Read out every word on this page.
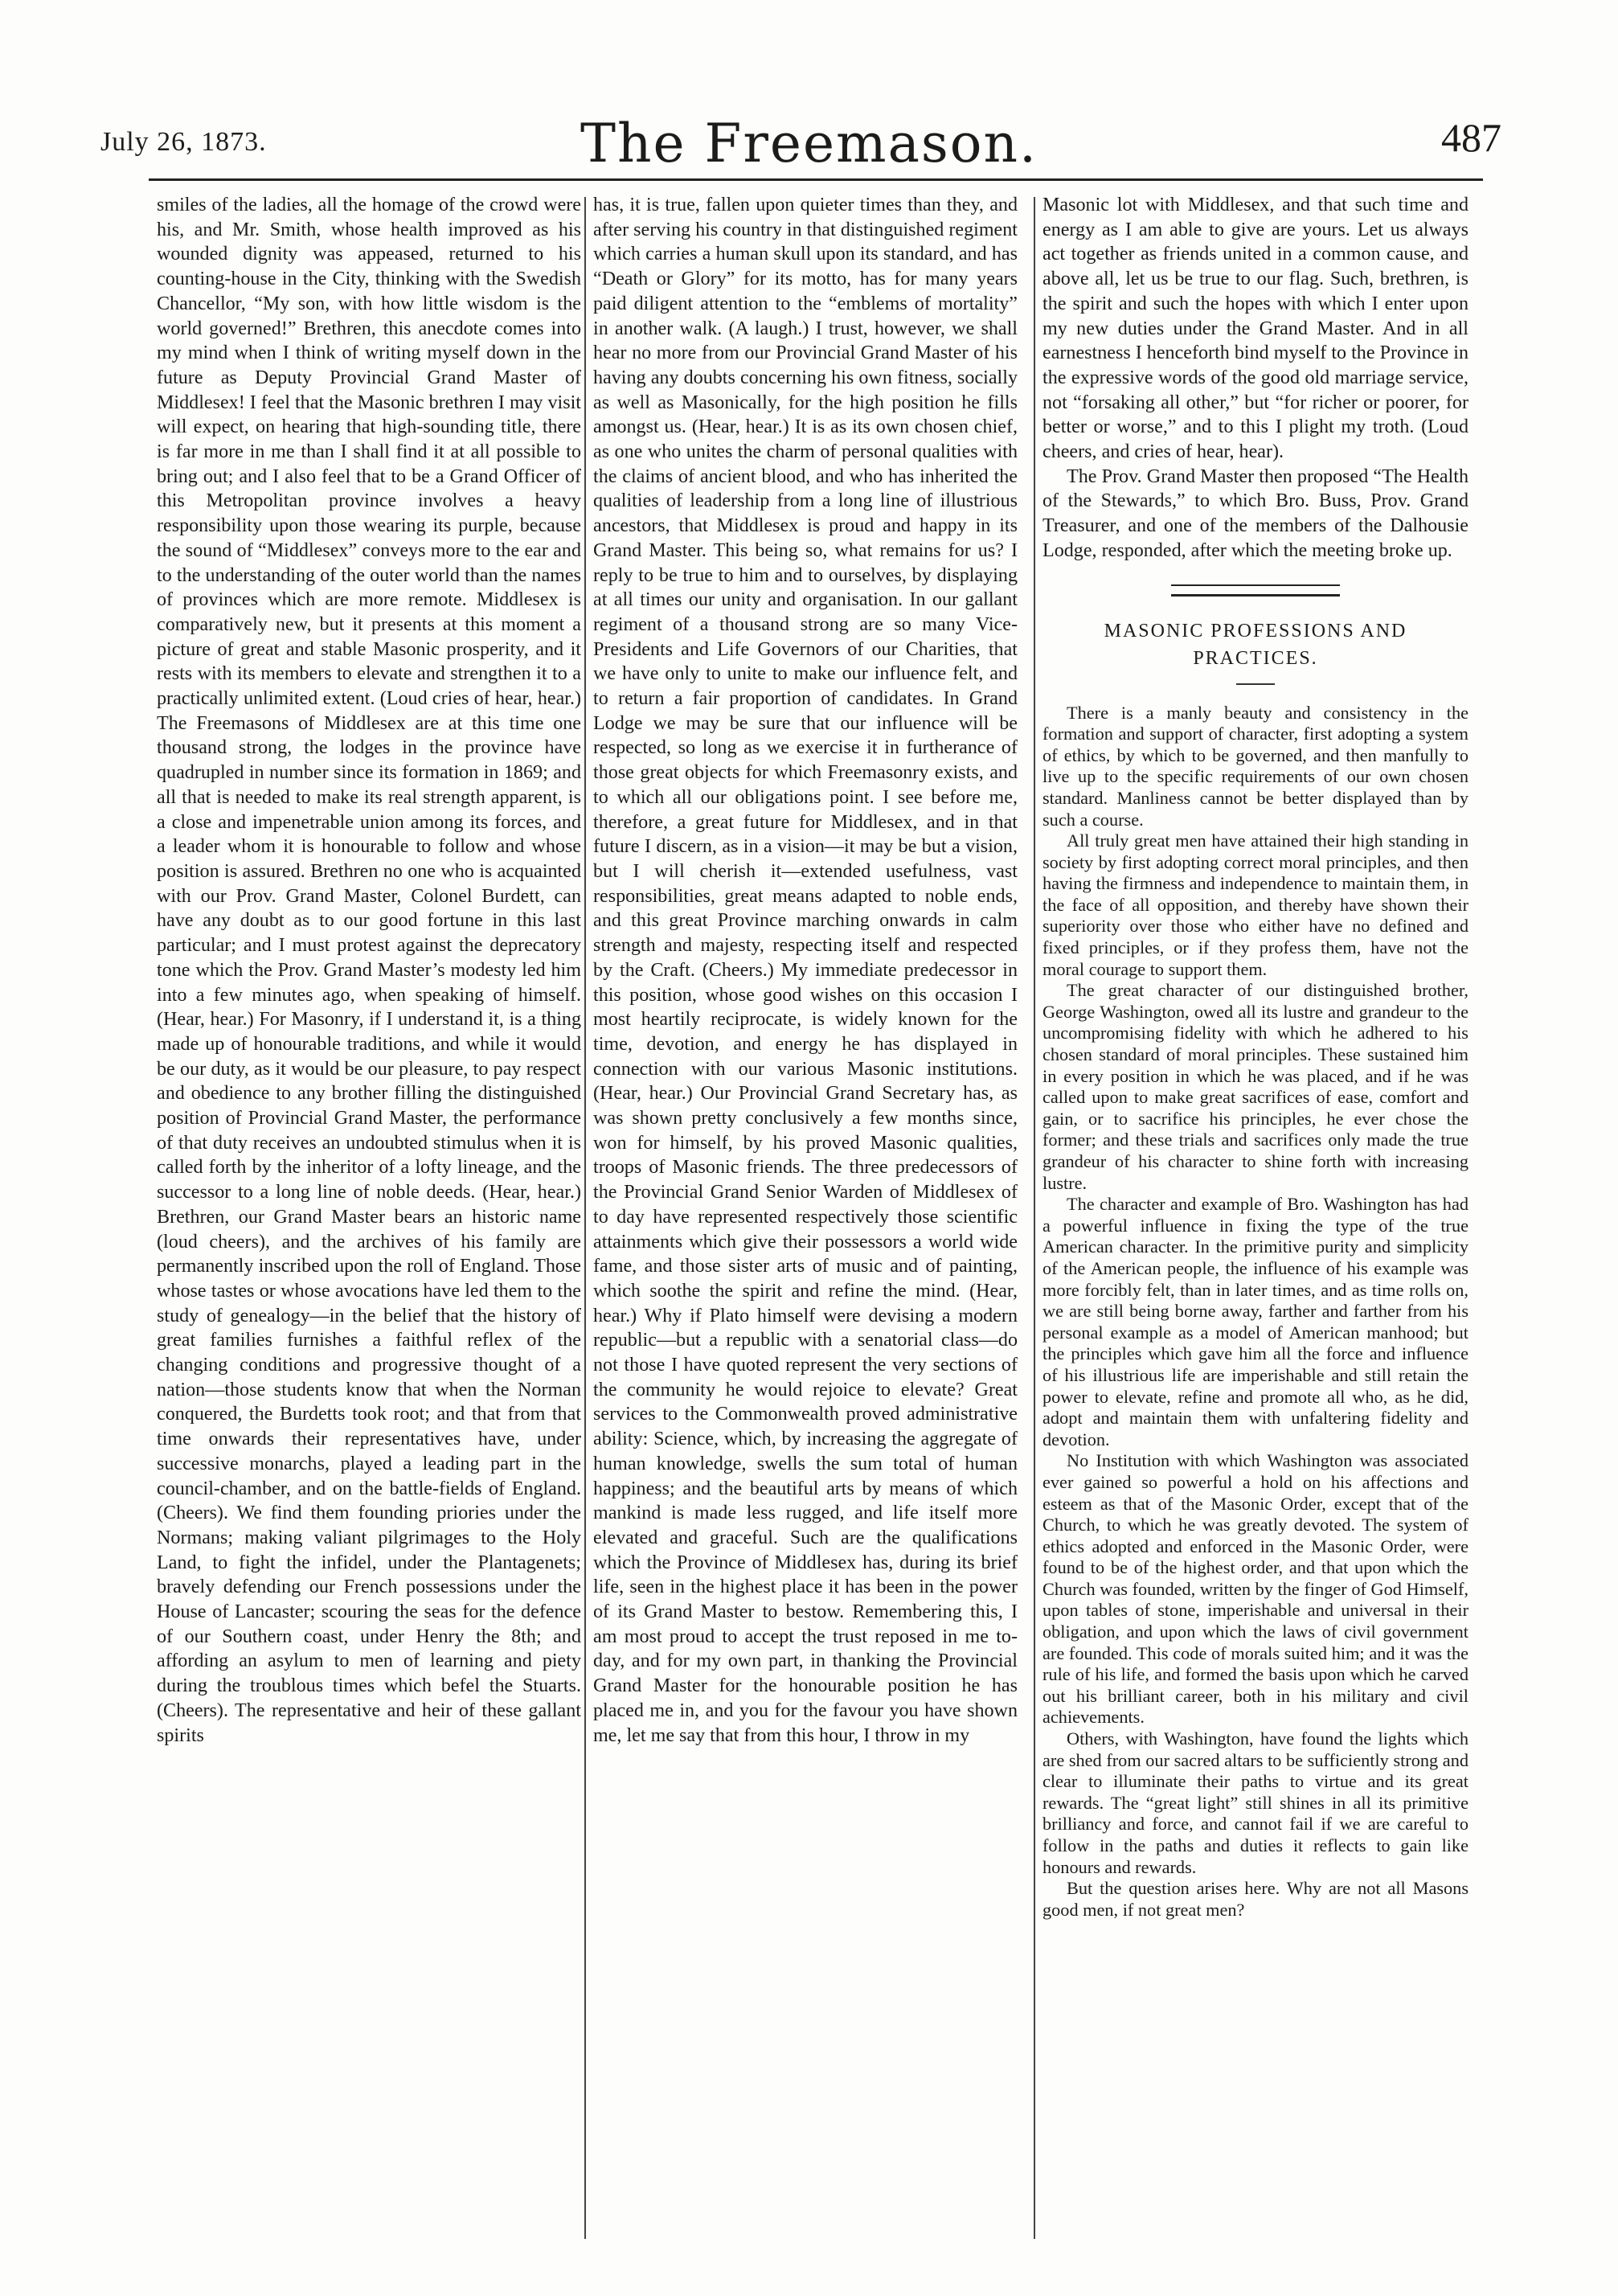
July 26, 1873.	The Freemason.	487

smiles of the ladies, all the homage of the crowd were his, and Mr. Smith, whose health improved as his wounded dignity was appeased, returned to his counting-house in the City, thinking with the Swedish Chancellor, “My son, with how little wisdom is the world governed!” Brethren, this anecdote comes into my mind when I think of writing myself down in the future as Deputy Provincial Grand Master of Middlesex! I feel that the Masonic brethren I may visit will expect, on hearing that high-sounding title, there is far more in me than I shall find it at all possible to bring out; and I also feel that to be a Grand Officer of this Metropolitan province involves a heavy responsibility upon those wearing its purple, because the sound of “Middlesex” conveys more to the ear and to the understanding of the outer world than the names of provinces which are more remote. Middlesex is comparatively new, but it presents at this moment a picture of great and stable Masonic prosperity, and it rests with its members to elevate and strengthen it to a practically unlimited extent. (Loud cries of hear, hear.) The Freemasons of Middlesex are at this time one thousand strong, the lodges in the province have quadrupled in number since its formation in 1869; and all that is needed to make its real strength apparent, is a close and impenetrable union among its forces, and a leader whom it is honourable to follow and whose position is assured. Brethren no one who is acquainted with our Prov. Grand Master, Colonel Burdett, can have any doubt as to our good fortune in this last particular; and I must protest against the deprecatory tone which the Prov. Grand Master’s modesty led him into a few minutes ago, when speaking of himself. (Hear, hear.) For Masonry, if I understand it, is a thing made up of honourable traditions, and while it would be our duty, as it would be our pleasure, to pay respect and obedience to any brother filling the distinguished position of Provincial Grand Master, the performance of that duty receives an undoubted stimulus when it is called forth by the inheritor of a lofty lineage, and the successor to a long line of noble deeds. (Hear, hear.) Brethren, our Grand Master bears an historic name (loud cheers), and the archives of his family are permanently inscribed upon the roll of England. Those whose tastes or whose avocations have led them to the study of genealogy—in the belief that the history of great families furnishes a faithful reflex of the changing conditions and progressive thought of a nation—those students know that when the Norman conquered, the Burdetts took root; and that from that time onwards their representatives have, under successive monarchs, played a leading part in the council-chamber, and on the battle-fields of England. (Cheers). We find them founding priories under the Normans; making valiant pilgrimages to the Holy Land, to fight the infidel, under the Plantagenets; bravely defending our French possessions under the House of Lancaster; scouring the seas for the defence of our Southern coast, under Henry the 8th; and affording an asylum to men of learning and piety during the troublous times which befel the Stuarts. (Cheers). The representative and heir of these gallant spirits

has, it is true, fallen upon quieter times than they, and after serving his country in that distinguished regiment which carries a human skull upon its standard, and has “Death or Glory” for its motto, has for many years paid diligent attention to the “emblems of mortality” in another walk. (A laugh.) I trust, however, we shall hear no more from our Provincial Grand Master of his having any doubts concerning his own fitness, socially as well as Masonically, for the high position he fills amongst us. (Hear, hear.) It is as its own chosen chief, as one who unites the charm of personal qualities with the claims of ancient blood, and who has inherited the qualities of leadership from a long line of illustrious ancestors, that Middlesex is proud and happy in its Grand Master. This being so, what remains for us? I reply to be true to him and to ourselves, by displaying at all times our unity and organisation. In our gallant regiment of a thousand strong are so many Vice-Presidents and Life Governors of our Charities, that we have only to unite to make our influence felt, and to return a fair proportion of candidates. In Grand Lodge we may be sure that our influence will be respected, so long as we exercise it in furtherance of those great objects for which Freemasonry exists, and to which all our obligations point. I see before me, therefore, a great future for Middlesex, and in that future I discern, as in a vision—it may be but a vision, but I will cherish it—extended usefulness, vast responsibilities, great means adapted to noble ends, and this great Province marching onwards in calm strength and majesty, respecting itself and respected by the Craft. (Cheers.) My immediate predecessor in this position, whose good wishes on this occasion I most heartily reciprocate, is widely known for the time, devotion, and energy he has displayed in connection with our various Masonic institutions. (Hear, hear.) Our Provincial Grand Secretary has, as was shown pretty conclusively a few months since, won for himself, by his proved Masonic qualities, troops of Masonic friends. The three predecessors of the Provincial Grand Senior Warden of Middlesex of to day have represented respectively those scientific attainments which give their possessors a world wide fame, and those sister arts of music and of painting, which soothe the spirit and refine the mind. (Hear, hear.) Why if Plato himself were devising a modern republic—but a republic with a senatorial class—do not those I have quoted represent the very sections of the community he would rejoice to elevate? Great services to the Commonwealth proved administrative ability: Science, which, by increasing the aggregate of human knowledge, swells the sum total of human happiness; and the beautiful arts by means of which mankind is made less rugged, and life itself more elevated and graceful. Such are the qualifications which the Province of Middlesex has, during its brief life, seen in the highest place it has been in the power of its Grand Master to bestow. Remembering this, I am most proud to accept the trust reposed in me to-day, and for my own part, in thanking the Provincial Grand Master for the honourable position he has placed me in, and you for the favour you have shown me, let me say that from this hour, I throw in my

Masonic lot with Middlesex, and that such time and energy as I am able to give are yours. Let us always act together as friends united in a common cause, and above all, let us be true to our flag. Such, brethren, is the spirit and such the hopes with which I enter upon my new duties under the Grand Master. And in all earnestness I henceforth bind myself to the Province in the expressive words of the good old marriage service, not “forsaking all other,” but “for richer or poorer, for better or worse,” and to this I plight my troth. (Loud cheers, and cries of hear, hear).

The Prov. Grand Master then proposed “The Health of the Stewards,” to which Bro. Buss, Prov. Grand Treasurer, and one of the members of the Dalhousie Lodge, responded, after which the meeting broke up.

MASONIC PROFESSIONS AND PRACTICES.

There is a manly beauty and consistency in the formation and support of character, first adopting a system of ethics, by which to be governed, and then manfully to live up to the specific requirements of our own chosen standard. Manliness cannot be better displayed than by such a course.

All truly great men have attained their high standing in society by first adopting correct moral principles, and then having the firmness and independence to maintain them, in the face of all opposition, and thereby have shown their superiority over those who either have no defined and fixed principles, or if they profess them, have not the moral courage to support them.

The great character of our distinguished brother, George Washington, owed all its lustre and grandeur to the uncompromising fidelity with which he adhered to his chosen standard of moral principles. These sustained him in every position in which he was placed, and if he was called upon to make great sacrifices of ease, comfort and gain, or to sacrifice his principles, he ever chose the former; and these trials and sacrifices only made the true grandeur of his character to shine forth with increasing lustre.

The character and example of Bro. Washington has had a powerful influence in fixing the type of the true American character. In the primitive purity and simplicity of the American people, the influence of his example was more forcibly felt, than in later times, and as time rolls on, we are still being borne away, farther and farther from his personal example as a model of American manhood; but the principles which gave him all the force and influence of his illustrious life are imperishable and still retain the power to elevate, refine and promote all who, as he did, adopt and maintain them with unfaltering fidelity and devotion.

No Institution with which Washington was associated ever gained so powerful a hold on his affections and esteem as that of the Masonic Order, except that of the Church, to which he was greatly devoted. The system of ethics adopted and enforced in the Masonic Order, were found to be of the highest order, and that upon which the Church was founded, written by the finger of God Himself, upon tables of stone, imperishable and universal in their obligation, and upon which the laws of civil government are founded. This code of morals suited him; and it was the rule of his life, and formed the basis upon which he carved out his brilliant career, both in his military and civil achievements.

Others, with Washington, have found the lights which are shed from our sacred altars to be sufficiently strong and clear to illuminate their paths to virtue and its great rewards. The “great light” still shines in all its primitive brilliancy and force, and cannot fail if we are careful to follow in the paths and duties it reflects to gain like honours and rewards.

But the question arises here. Why are not all Masons good men, if not great men?
